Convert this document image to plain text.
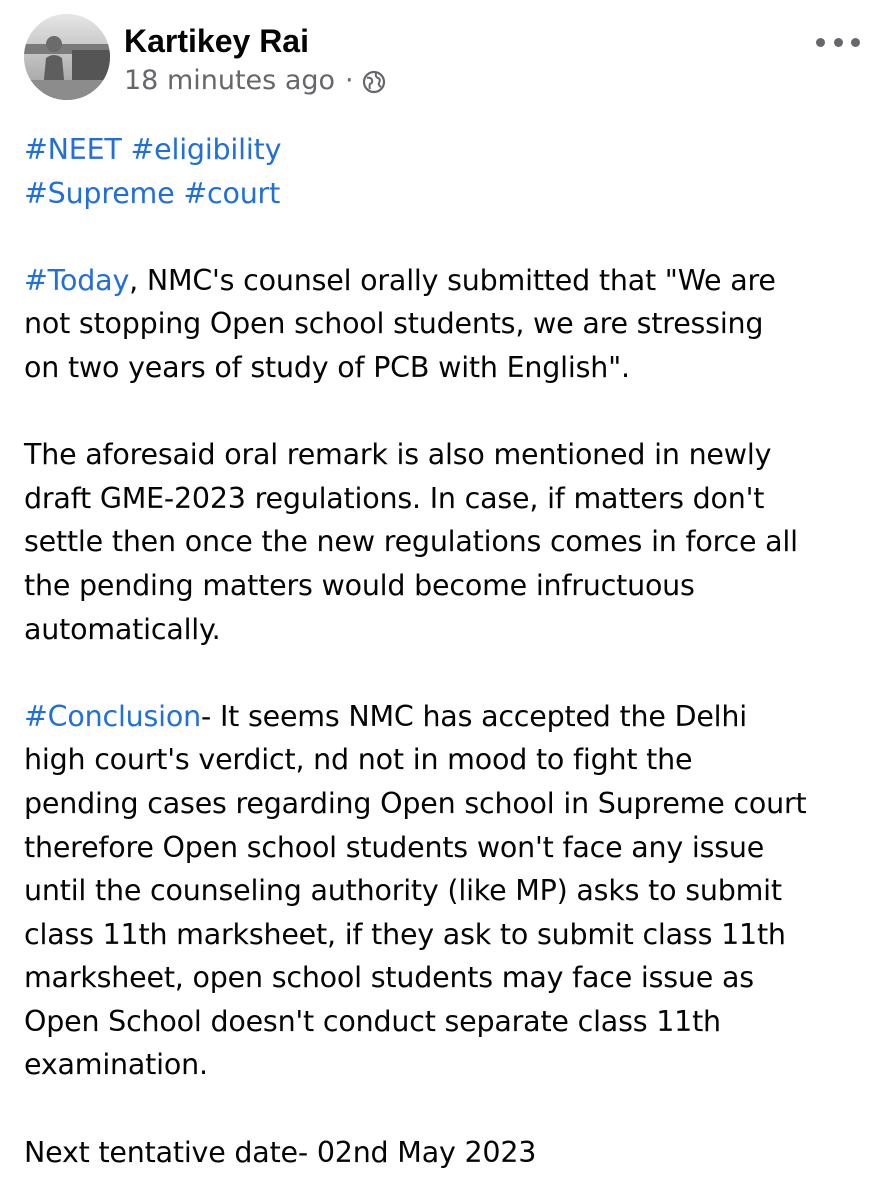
Kartikey Rai
18 minutes ago ·
#NEET #eligibility
#Supreme #court
#Today, NMC's counsel orally submitted that "We are
not stopping Open school students, we are stressing
on two years of study of PCB with English".
The aforesaid oral remark is also mentioned in newly
draft GME-2023 regulations. In case, if matters don't
settle then once the new regulations comes in force all
the pending matters would become infructuous
automatically.
#Conclusion- It seems NMC has accepted the Delhi
high court's verdict, nd not in mood to fight the
pending cases regarding Open school in Supreme court
therefore Open school students won't face any issue
until the counseling authority (like MP) asks to submit
class 11th marksheet, if they ask to submit class 11th
marksheet, open school students may face issue as
Open School doesn't conduct separate class 11th
examination.
Next tentative date- 02nd May 2023
